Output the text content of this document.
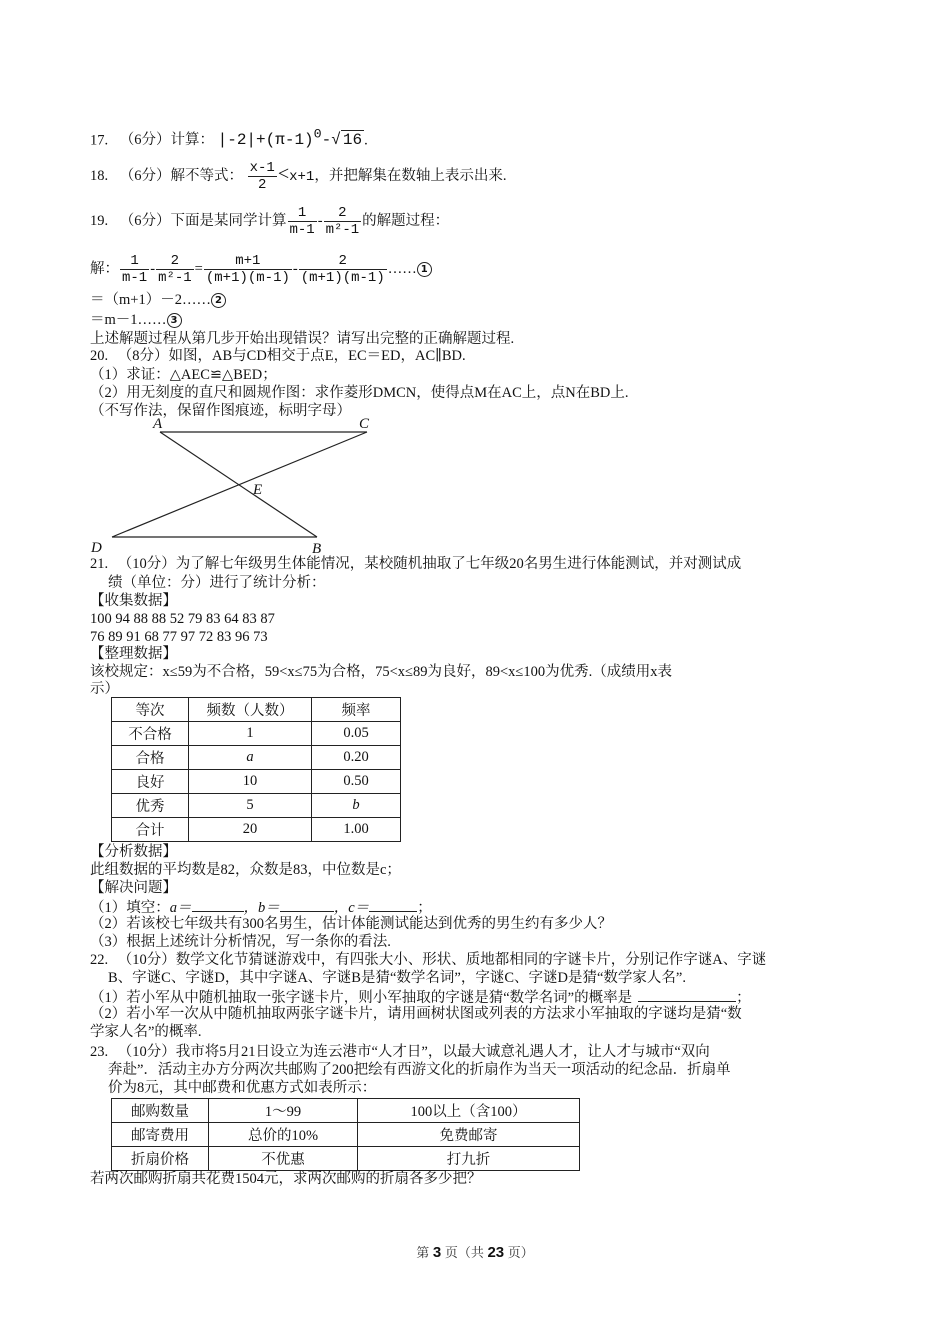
17. （6分）计算： $|-2|+(\pi-1)^0-√$ 16 .
18. （6分）解不等式： $\frac{x-1}{2} <x+1$，并把解集在数轴上表示出来.
19. （6分）下面是某同学计算 $\frac{1}{m-1} - \frac{2}{\text{m²-1}}$ 的解题过程：
解： $\frac{1}{m-1} - \frac{2}{\text{m²-1}} = \frac{m+1}{(m+1)(m-1)} - \frac{2}{(m+1)(m-1)}$ …… 1
＝（m+1）－2…… 2
＝m－1…… 3
上述解题过程从第几步开始出现错误？请写出完整的正确解题过程.
20. （8分）如图，AB与CD相交于点E，EC＝ED，AC∥BD.
（1）求证：△AEC≌△BED；
（2）用无刻度的直尺和圆规作图：求作菱形DMCN，使得点M在AC上，点N在BD上.
（不写作法，保留作图痕迹，标明字母）
A	C
E
D	B
21. （10分）为了解七年级男生体能情况，某校随机抽取了七年级20名男生进行体能测试，并对测试成
绩（单位：分）进行了统计分析：
【收集数据】
100 94 88 88 52 79 83 64 83 87
76 89 91 68 77 97 72 83 96 73
【整理数据】
该校规定：x≤59为不合格，59<x≤75为合格，75<x≤89为良好，89<x≤100为优秀.（成绩用x表
示）
等次	频数（人数）	频率
不合格	1	0.05
合格	a	0.20
良好	10	0.50
优秀	5	b
合计	20	1.00
【分析数据】
此组数据的平均数是82，众数是83，中位数是c；
【解决问题】
（1）填空：a＝	，b＝	，c＝	；
（2）若该校七年级共有300名男生，估计体能测试能达到优秀的男生约有多少人？
（3）根据上述统计分析情况，写一条你的看法.
22. （10分）数学文化节猜谜游戏中，有四张大小、形状、质地都相同的字谜卡片，分别记作字谜A、字谜
B、字谜C、字谜D，其中字谜A、字谜B是猜“数学名词”，字谜C、字谜D是猜“数学家人名”.
（1）若小军从中随机抽取一张字谜卡片，则小军抽取的字谜是猜“数学名词”的概率是	；
（2）若小军一次从中随机抽取两张字谜卡片，请用画树状图或列表的方法求小军抽取的字谜均是猜“数
学家人名”的概率.
23. （10分）我市将5月21日设立为连云港市“人才日”，以最大诚意礼遇人才，让人才与城市“双向
奔赴”．活动主办方分两次共邮购了200把绘有西游文化的折扇作为当天一项活动的纪念品．折扇单
价为8元，其中邮费和优惠方式如表所示：
邮购数量	1～99	100以上（含100）
邮寄费用	总价的10%	免费邮寄
折扇价格	不优惠	打九折
若两次邮购折扇共花费1504元，求两次邮购的折扇各多少把？
第 3 页（共 23 页）
